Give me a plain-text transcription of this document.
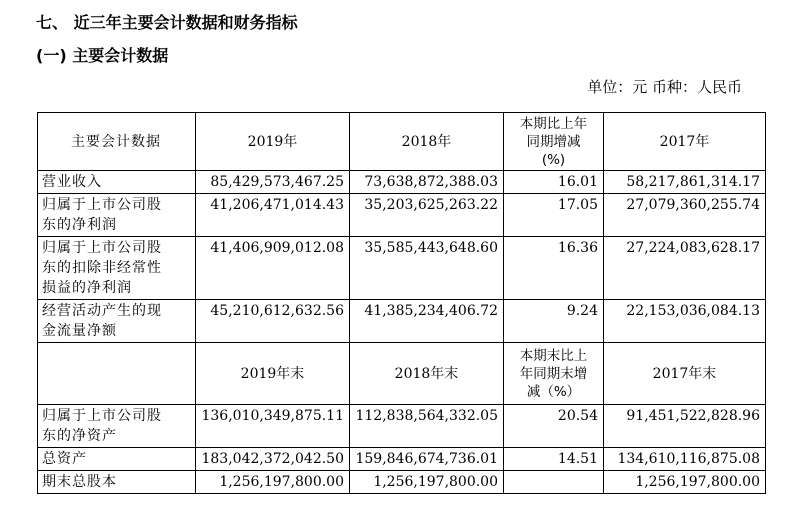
七、 近三年主要会计数据和财务指标
(一) 主要会计数据
单位：元 币种：人民币
主要会计数据	2019年	2018年	本期比上年
同期增减
(%)	2017年

营业收入	85,429,573,467.25	73,638,872,388.03	16.01	58,217,861,314.17

归属于上市公司股
东的净利润	41,206,471,014.43	35,203,625,263.22	17.05	27,079,360,255.74

归属于上市公司股
东的扣除非经常性
损益的净利润	41,406,909,012.08	35,585,443,648.60	16.36	27,224,083,628.17

经营活动产生的现
金流量净额	45,210,612,632.56	41,385,234,406.72	9.24	22,153,036,084.13
	2019年末	2018年末	本期末比上
年同期末增
减（%）	2017年末

归属于上市公司股
东的净资产	136,010,349,875.11	112,838,564,332.05	20.54	91,451,522,828.96

总资产	183,042,372,042.50	159,846,674,736.01	14.51	134,610,116,875.08

期末总股本	1,256,197,800.00	1,256,197,800.00		1,256,197,800.00
